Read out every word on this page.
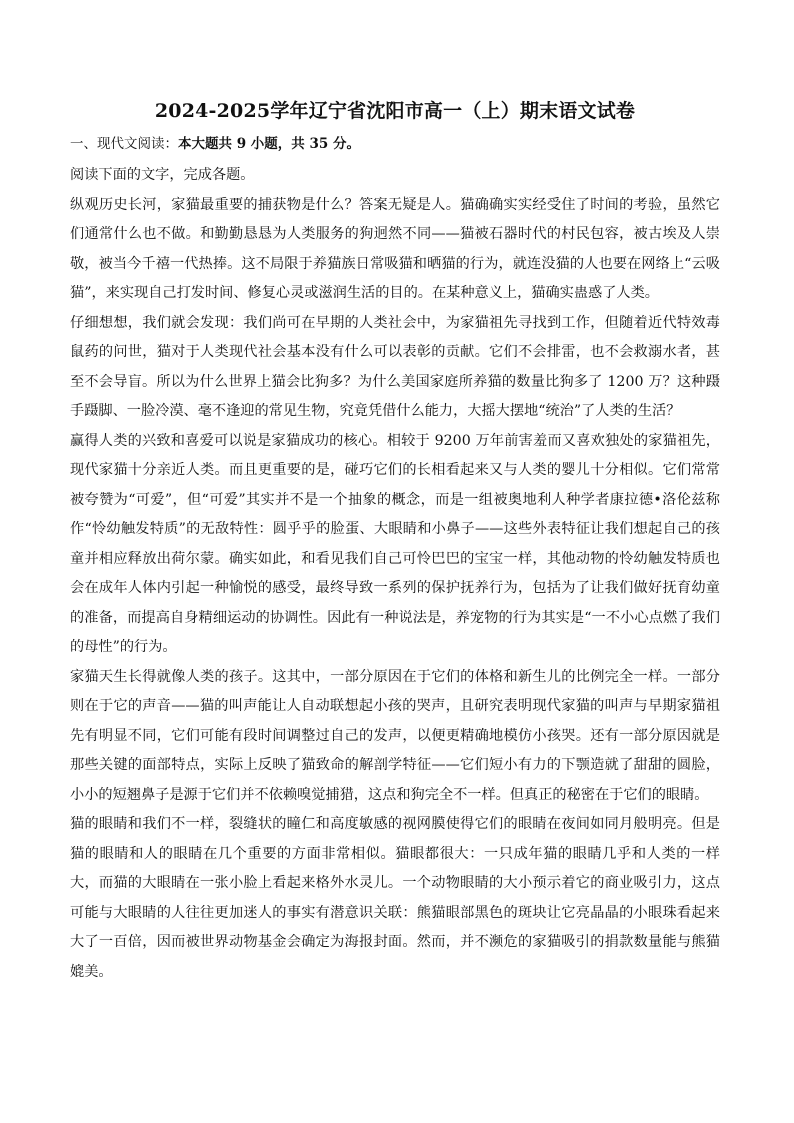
2024-2025学年辽宁省沈阳市高一（上）期末语文试卷
一、现代文阅读：本大题共 9 小题，共 35 分。

阅读下面的文字，完成各题。

纵观历史长河，家猫最重要的捕获物是什么？答案无疑是人。猫确确实实经受住了时间的考验，虽然它们通常什么也不做。和勤勤恳恳为人类服务的狗迥然不同——猫被石器时代的村民包容，被古埃及人崇敬，被当今千禧一代热捧。这不局限于养猫族日常吸猫和晒猫的行为，就连没猫的人也要在网络上“云吸猫”，来实现自己打发时间、修复心灵或滋润生活的目的。在某种意义上，猫确实蛊惑了人类。

仔细想想，我们就会发现：我们尚可在早期的人类社会中，为家猫祖先寻找到工作，但随着近代特效毒鼠药的问世，猫对于人类现代社会基本没有什么可以表彰的贡献。它们不会排雷，也不会救溺水者，甚至不会导盲。所以为什么世界上猫会比狗多？为什么美国家庭所养猫的数量比狗多了 1200 万？这种蹑手蹑脚、一脸冷漠、毫不逢迎的常见生物，究竟凭借什么能力，大摇大摆地“统治”了人类的生活？

赢得人类的兴致和喜爱可以说是家猫成功的核心。相较于 9200 万年前害羞而又喜欢独处的家猫祖先，现代家猫十分亲近人类。而且更重要的是，碰巧它们的长相看起来又与人类的婴儿十分相似。它们常常被夸赞为“可爱”，但“可爱”其实并不是一个抽象的概念，而是一组被奥地利人种学者康拉德•洛伦兹称作“怜幼触发特质”的无敌特性：圆乎乎的脸蛋、大眼睛和小鼻子——这些外表特征让我们想起自己的孩童并相应释放出荷尔蒙。确实如此，和看见我们自己可怜巴巴的宝宝一样，其他动物的怜幼触发特质也会在成年人体内引起一种愉悦的感受，最终导致一系列的保护抚养行为，包括为了让我们做好抚育幼童的准备，而提高自身精细运动的协调性。因此有一种说法是，养宠物的行为其实是“一不小心点燃了我们的母性”的行为。

家猫天生长得就像人类的孩子。这其中，一部分原因在于它们的体格和新生儿的比例完全一样。一部分则在于它的声音——猫的叫声能让人自动联想起小孩的哭声，且研究表明现代家猫的叫声与早期家猫祖先有明显不同，它们可能有段时间调整过自己的发声，以便更精确地模仿小孩哭。还有一部分原因就是那些关键的面部特点，实际上反映了猫致命的解剖学特征——它们短小有力的下颚造就了甜甜的圆脸，小小的短翘鼻子是源于它们并不依赖嗅觉捕猎，这点和狗完全不一样。但真正的秘密在于它们的眼睛。

猫的眼睛和我们不一样，裂缝状的瞳仁和高度敏感的视网膜使得它们的眼睛在夜间如同月般明亮。但是猫的眼睛和人的眼睛在几个重要的方面非常相似。猫眼都很大：一只成年猫的眼睛几乎和人类的一样大，而猫的大眼睛在一张小脸上看起来格外水灵儿。一个动物眼睛的大小预示着它的商业吸引力，这点可能与大眼睛的人往往更加迷人的事实有潜意识关联：熊猫眼部黑色的斑块让它亮晶晶的小眼珠看起来大了一百倍，因而被世界动物基金会确定为海报封面。然而，并不濒危的家猫吸引的捐款数量能与熊猫媲美。
